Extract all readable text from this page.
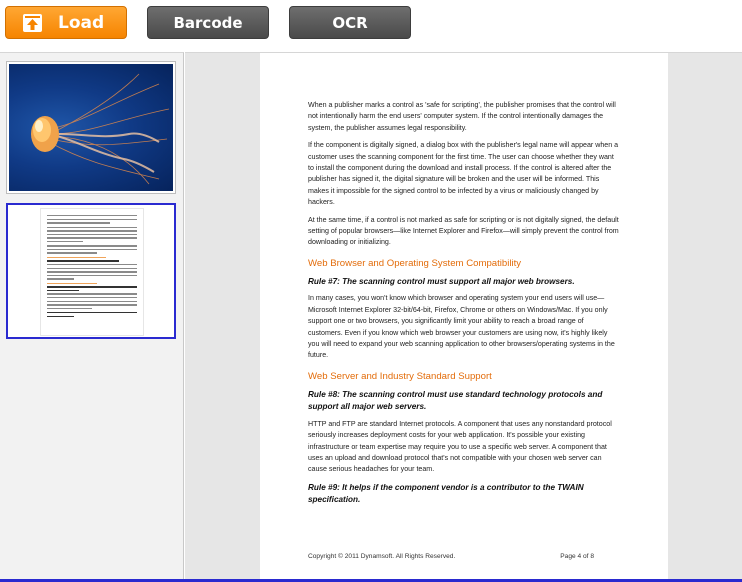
Load	Barcode	OCR

When a publisher marks a control as 'safe for scripting', the publisher promises that the control will not intentionally harm the end users' computer system. If the control intentionally damages the system, the publisher assumes legal responsibility.

If the component is digitally signed, a dialog box with the publisher's legal name will appear when a customer uses the scanning component for the first time. The user can choose whether they want to install the component during the download and install process. If the control is altered after the publisher has signed it, the digital signature will be broken and the user will be informed. This makes it impossible for the signed control to be infected by a virus or maliciously changed by hackers.

At the same time, if a control is not marked as safe for scripting or is not digitally signed, the default setting of popular browsers—like Internet Explorer and Firefox—will simply prevent the control from downloading or initializing.

Web Browser and Operating System Compatibility
Rule #7: The scanning control must support all major web browsers.

In many cases, you won't know which browser and operating system your end users will use—Microsoft Internet Explorer 32-bit/64-bit, Firefox, Chrome or others on Windows/Mac. If you only support one or two browsers, you significantly limit your ability to reach a broad range of customers. Even if you know which web browser your customers are using now, it's highly likely you will need to expand your web scanning application to other browsers/operating systems in the future.

Web Server and Industry Standard Support
Rule #8: The scanning control must use standard technology protocols and support all major web servers.

HTTP and FTP are standard Internet protocols. A component that uses any nonstandard protocol seriously increases deployment costs for your web application. It's possible your existing infrastructure or team expertise may require you to use a specific web server. A component that uses an upload and download protocol that's not compatible with your chosen web server can cause serious headaches for your team.

Rule #9: It helps if the component vendor is a contributor to the TWAIN specification.
Copyright © 2011 Dynamsoft. All Rights Reserved.	Page 4 of 8
